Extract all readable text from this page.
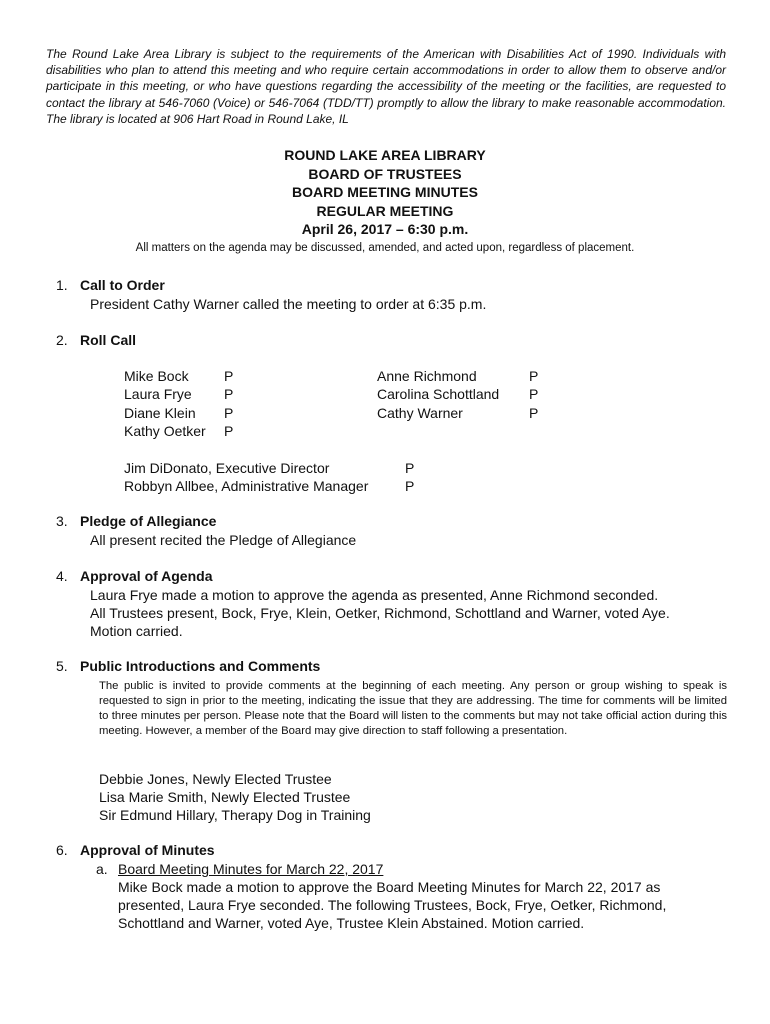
The Round Lake Area Library is subject to the requirements of the American with Disabilities Act of 1990. Individuals with disabilities who plan to attend this meeting and who require certain accommodations in order to allow them to observe and/or participate in this meeting, or who have questions regarding the accessibility of the meeting or the facilities, are requested to contact the library at 546-7060 (Voice) or 546-7064 (TDD/TT) promptly to allow the library to make reasonable accommodation. The library is located at 906 Hart Road in Round Lake, IL

ROUND LAKE AREA LIBRARY
BOARD OF TRUSTEES
BOARD MEETING MINUTES
REGULAR MEETING
April 26, 2017 – 6:30 p.m.
All matters on the agenda may be discussed, amended, and acted upon, regardless of placement.
1. Call to Order
President Cathy Warner called the meeting to order at 6:35 p.m.
2. Roll Call
Mike Bock	P
Laura Frye	P
Diane Klein	P
Kathy Oetker	P
Anne Richmond	P
Carolina Schottland	P
Cathy Warner	P
Jim DiDonato, Executive Director	P
Robbyn Allbee, Administrative Manager	P
3. Pledge of Allegiance
All present recited the Pledge of Allegiance
4. Approval of Agenda
Laura Frye made a motion to approve the agenda as presented, Anne Richmond seconded.
All Trustees present, Bock, Frye, Klein, Oetker, Richmond, Schottland and Warner, voted Aye.
Motion carried.
5. Public Introductions and Comments
The public is invited to provide comments at the beginning of each meeting. Any person or group wishing to speak is requested to sign in prior to the meeting, indicating the issue that they are addressing. The time for comments will be limited to three minutes per person. Please note that the Board will listen to the comments but may not take official action during this meeting. However, a member of the Board may give direction to staff following a presentation.
Debbie Jones, Newly Elected Trustee
Lisa Marie Smith, Newly Elected Trustee
Sir Edmund Hillary, Therapy Dog in Training
6. Approval of Minutes
a. Board Meeting Minutes for March 22, 2017
Mike Bock made a motion to approve the Board Meeting Minutes for March 22, 2017 as
presented, Laura Frye seconded. The following Trustees, Bock, Frye, Oetker, Richmond,
Schottland and Warner, voted Aye, Trustee Klein Abstained. Motion carried.
